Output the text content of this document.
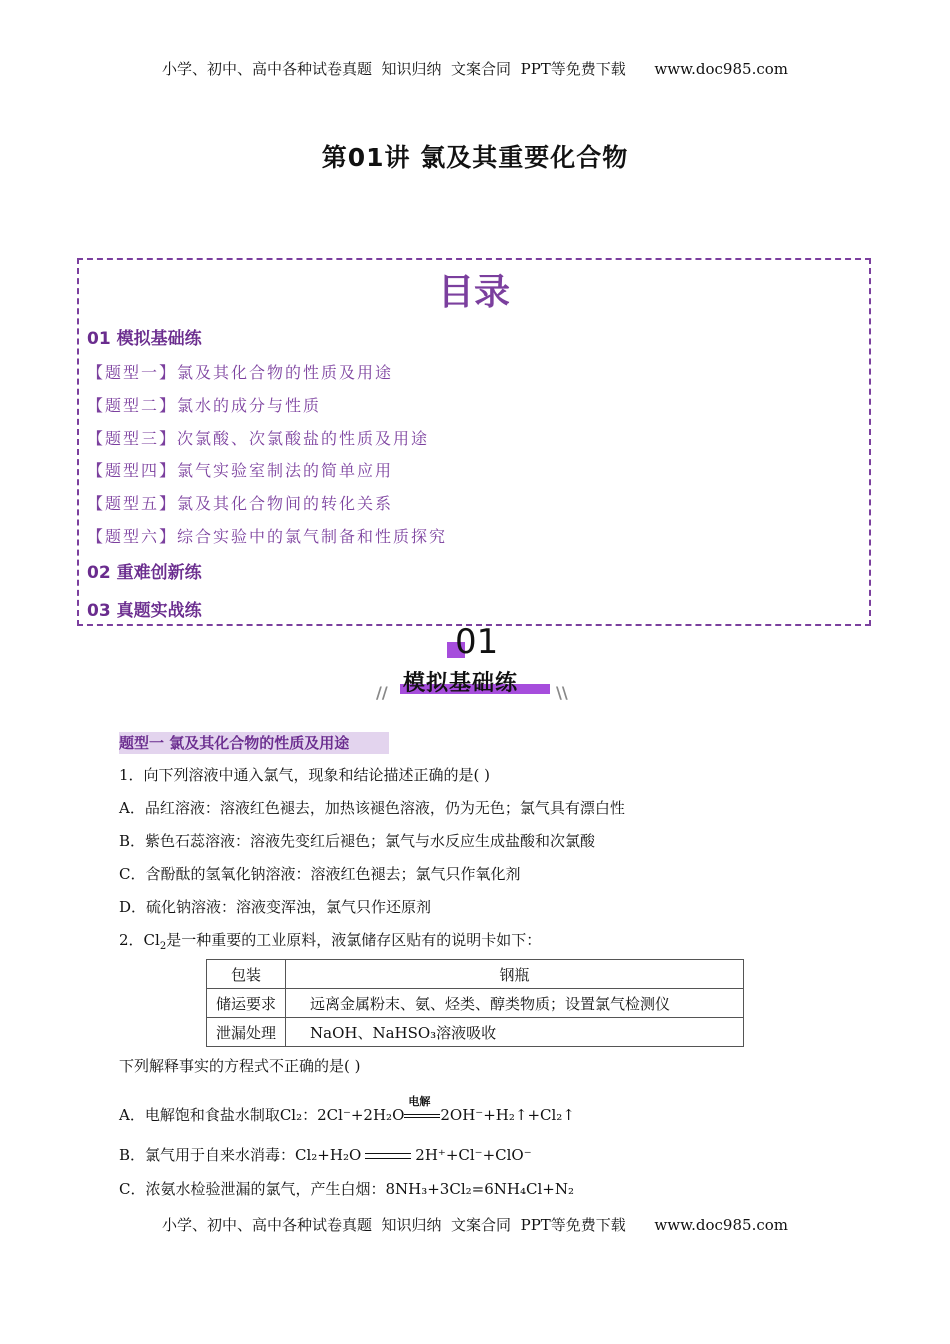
小学、初中、高中各种试卷真题  知识归纳  文案合同  PPT等免费下载      www.doc985.com
第01讲 氯及其重要化合物
目录
01 模拟基础练
【题型一】氯及其化合物的性质及用途
【题型二】氯水的成分与性质
【题型三】次氯酸、次氯酸盐的性质及用途
【题型四】氯气实验室制法的简单应用
【题型五】氯及其化合物间的转化关系
【题型六】综合实验中的氯气制备和性质探究
02 重难创新练
03 真题实战练
01
模拟基础练
//	\\
题型一 氯及其化合物的性质及用途
1．向下列溶液中通入氯气，现象和结论描述正确的是( )
A．品红溶液：溶液红色褪去，加热该褪色溶液，仍为无色；氯气具有漂白性
B．紫色石蕊溶液：溶液先变红后褪色；氯气与水反应生成盐酸和次氯酸
C．含酚酞的氢氧化钠溶液：溶液红色褪去；氯气只作氧化剂
D．硫化钠溶液：溶液变浑浊，氯气只作还原剂
2．$Cl_2$是一种重要的工业原料，液氯储存区贴有的说明卡如下：
包装	钢瓶
储运要求	远离金属粉末、氨、烃类、醇类物质；设置氯气检测仪
泄漏处理	NaOH、NaHSO₃溶液吸收
下列解释事实的方程式不正确的是( )
A．电解饱和食盐水制取Cl₂：2Cl⁻+2H₂O
电解
2OH⁻+H₂↑+Cl₂↑
B．氯气用于自来水消毒：Cl₂+H₂O	2H⁺+Cl⁻+ClO⁻
C．浓氨水检验泄漏的氯气，产生白烟：8NH₃+3Cl₂=6NH₄Cl+N₂
小学、初中、高中各种试卷真题  知识归纳  文案合同  PPT等免费下载      www.doc985.com
